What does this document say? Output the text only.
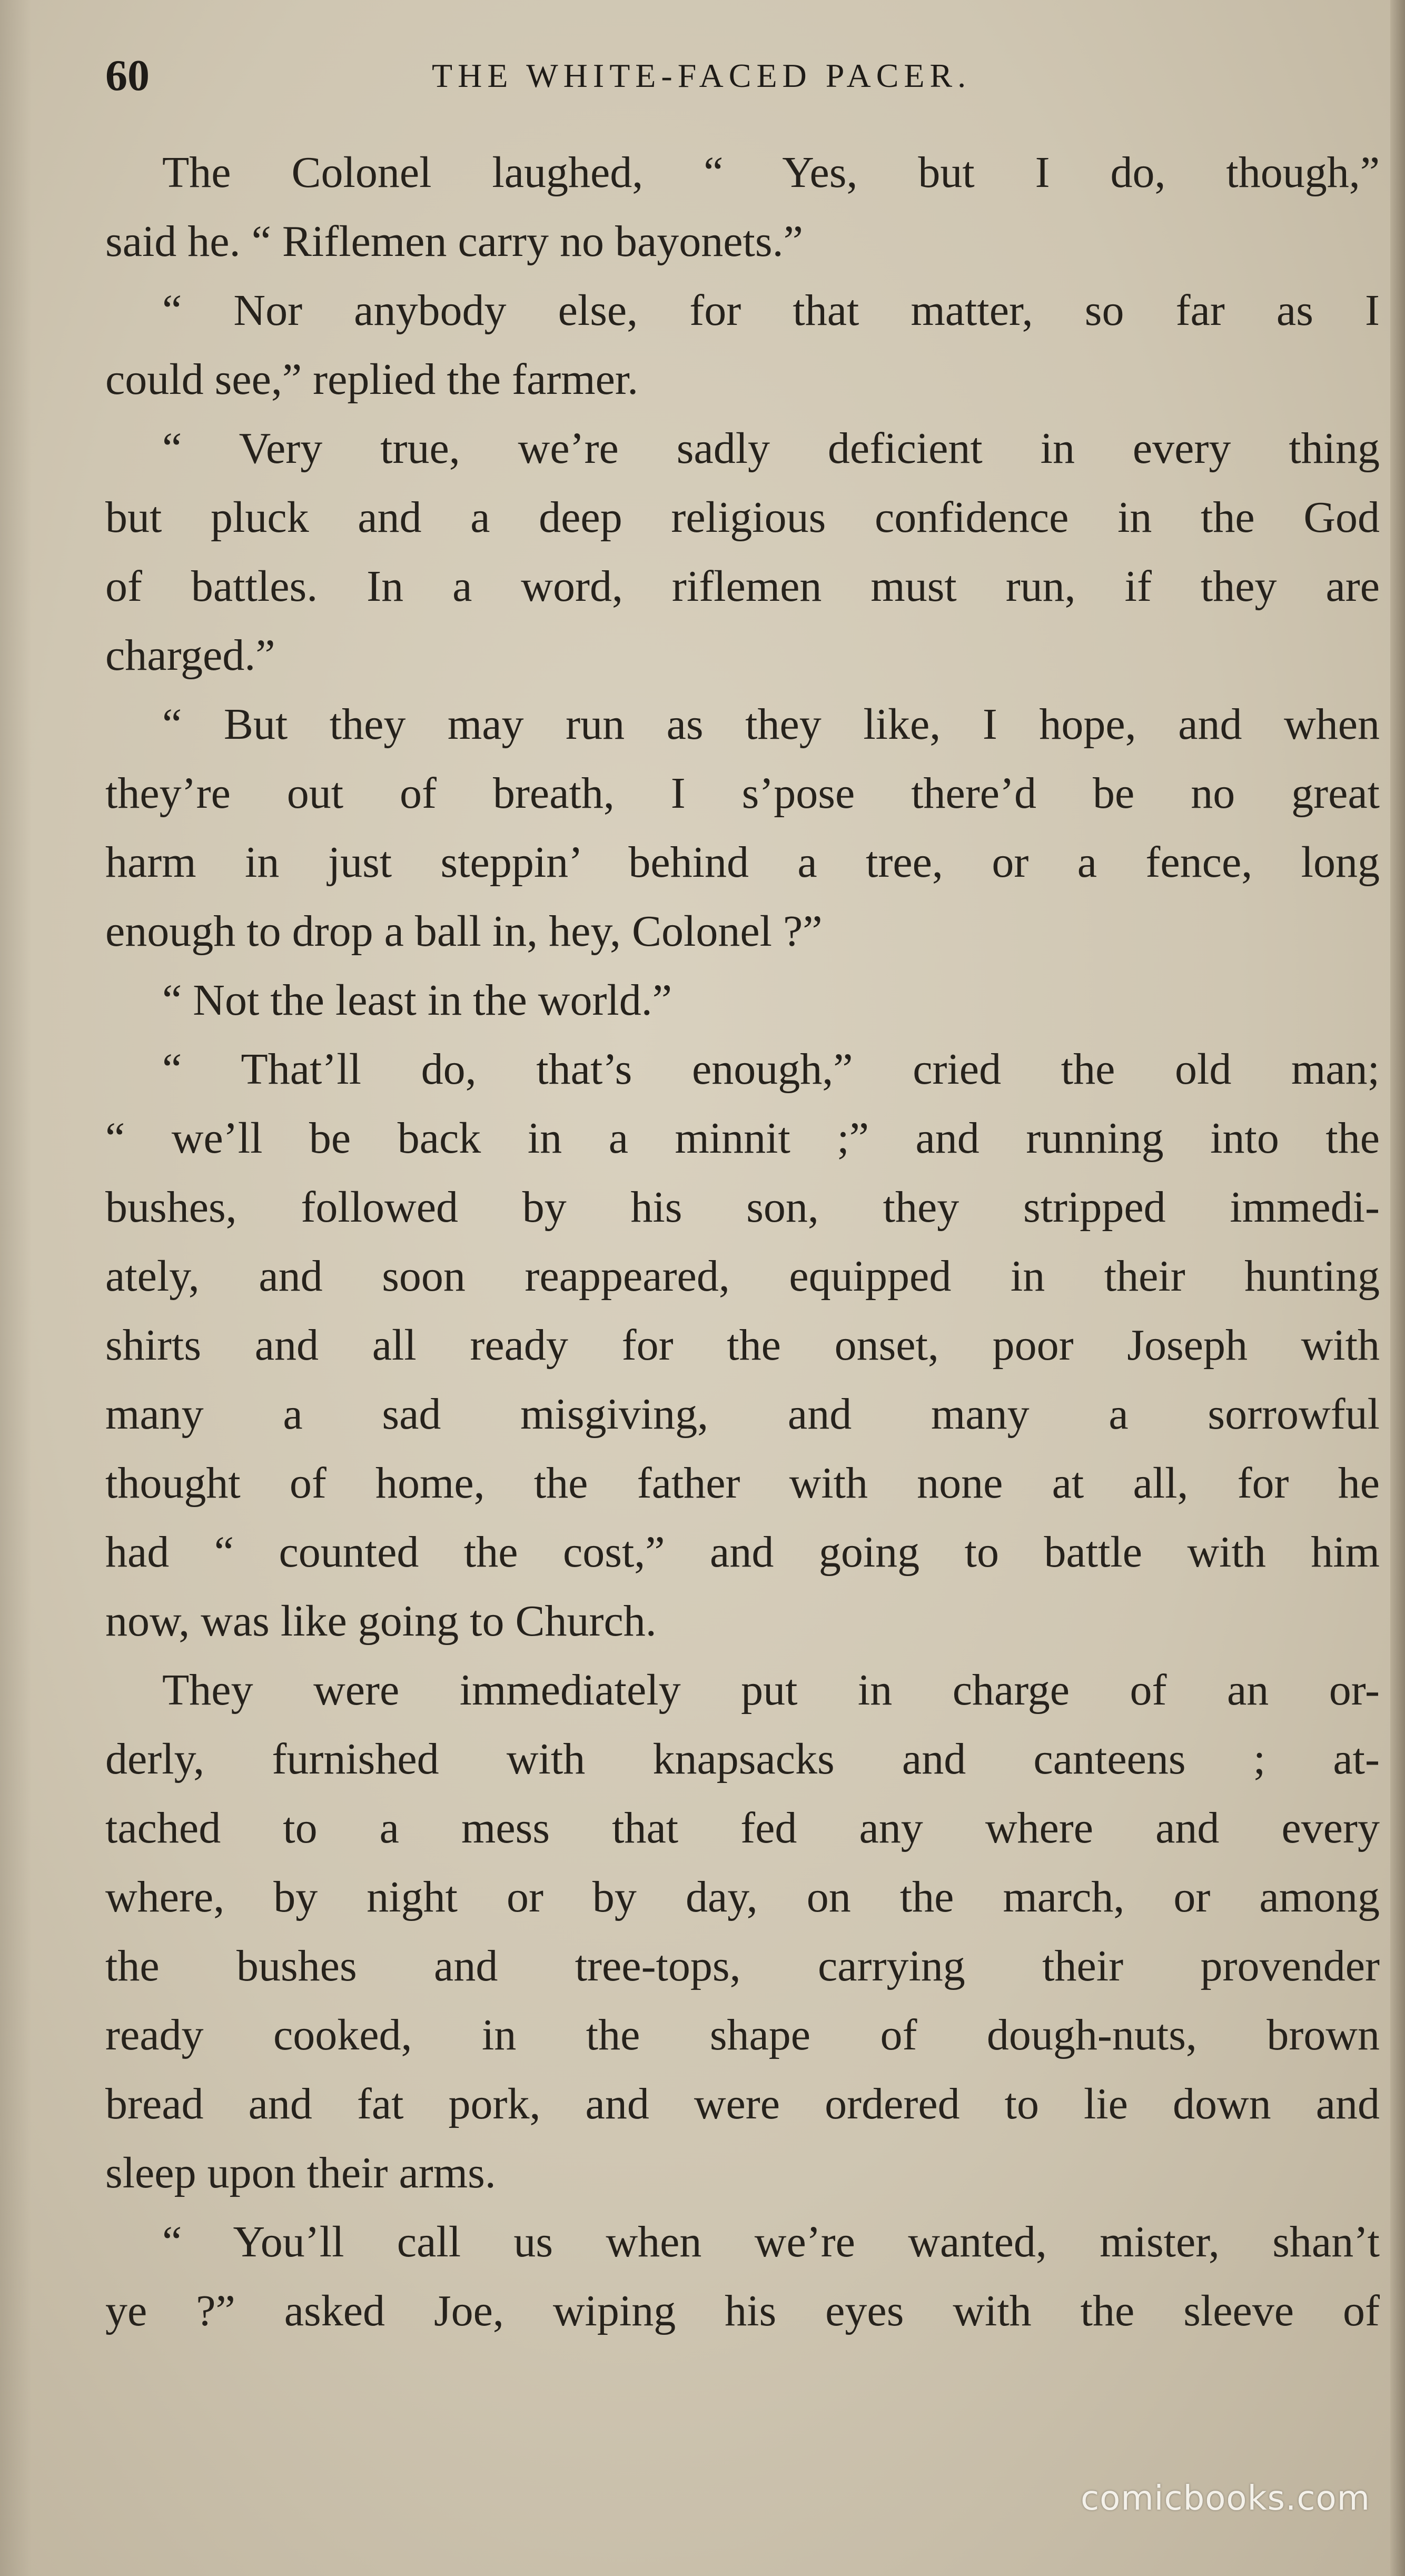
60	THE WHITE-FACED PACER.
The Colonel laughed, “ Yes, but I do, though,”
said he. “ Riflemen carry no bayonets.”
“ Nor anybody else, for that matter, so far as I
could see,” replied the farmer.
“ Very true, we’re sadly deficient in every thing
but pluck and a deep religious confidence in the God
of battles. In a word, riflemen must run, if they are
charged.”
“ But they may run as they like, I hope, and when
they’re out of breath, I s’pose there’d be no great
harm in just steppin’ behind a tree, or a fence, long
enough to drop a ball in, hey, Colonel ?”
“ Not the least in the world.”
“ That’ll do, that’s enough,” cried the old man;
“ we’ll be back in a minnit ;” and running into the
bushes, followed by his son, they stripped immedi-
ately, and soon reappeared, equipped in their hunting
shirts and all ready for the onset, poor Joseph with
many a sad misgiving, and many a sorrowful
thought of home, the father with none at all, for he
had “ counted the cost,” and going to battle with him
now, was like going to Church.
They were immediately put in charge of an or-
derly, furnished with knapsacks and canteens ; at-
tached to a mess that fed any where and every
where, by night or by day, on the march, or among
the bushes and tree-tops, carrying their provender
ready cooked, in the shape of dough-nuts, brown
bread and fat pork, and were ordered to lie down and
sleep upon their arms.
“ You’ll call us when we’re wanted, mister, shan’t
ye ?” asked Joe, wiping his eyes with the sleeve of
comicbooks.com
